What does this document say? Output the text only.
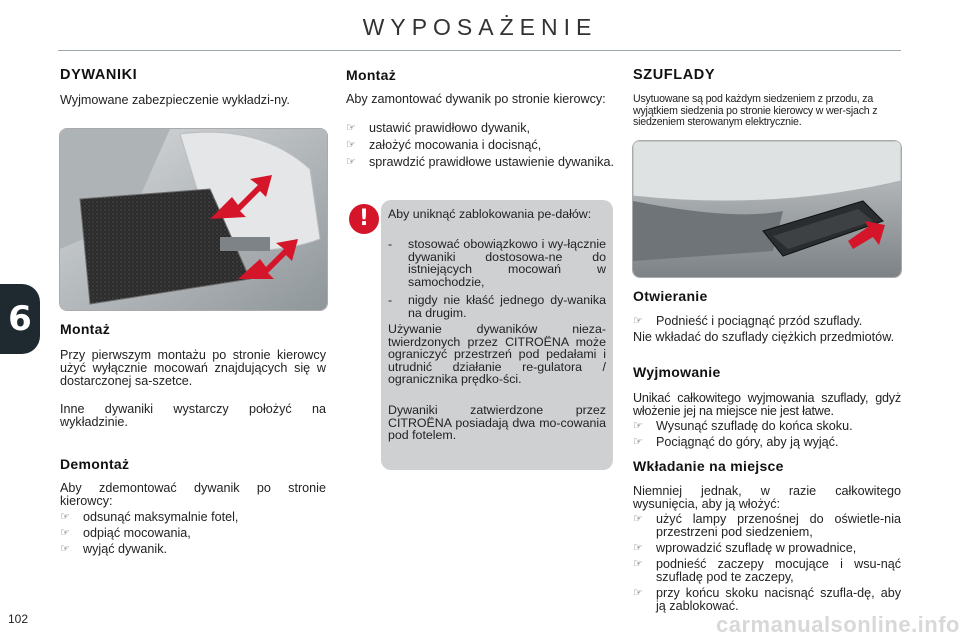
WYPOSAŻENIE
6
DYWANIKI
Wyjmowane zabezpieczenie wykładzi-ny.
Montaż
Przy pierwszym montażu po stronie kierowcy użyć wyłącznie mocowań znajdujących się w dostarczonej sa-szetce.
Inne dywaniki wystarczy położyć na wykładzinie.
Demontaż
Aby zdemontować dywanik po stronie kierowcy:
☞	odsunąć maksymalnie fotel,
☞	odpiąć mocowania,
☞	wyjąć dywanik.
Montaż
Aby zamontować dywanik po stronie kierowcy:
☞	ustawić prawidłowo dywanik,
☞	założyć mocowania i docisnąć,
☞	sprawdzić prawidłowe ustawienie dywanika.
!	Aby uniknąć zablokowania pe-dałów:
-	stosować obowiązkowo i wy-łącznie dywaniki dostosowa-ne do istniejących mocowań w samochodzie,
-	nigdy nie kłaść jednego dy-wanika na drugim.
Używanie dywaników nieza-twierdzonych przez CITROËNA może ograniczyć przestrzeń pod pedałami i utrudnić działanie re-gulatora / ogranicznika prędko-ści.
Dywaniki zatwierdzone przez CITROËNA posiadają dwa mo-cowania pod fotelem.
SZUFLADY
Usytuowane są pod każdym siedzeniem z przodu, za wyjątkiem siedzenia po stronie kierowcy w wer-sjach z siedzeniem sterowanym elektrycznie.
Otwieranie
☞	Podnieść i pociągnąć przód szuflady.
Nie wkładać do szuflady ciężkich przedmiotów.
Wyjmowanie
Unikać całkowitego wyjmowania szuflady, gdyż włożenie jej na miejsce nie jest łatwe.
☞	Wysunąć szufladę do końca skoku.
☞	Pociągnąć do góry, aby ją wyjąć.
Wkładanie na miejsce
Niemniej jednak, w razie całkowitego wysunięcia, aby ją włożyć:
☞	użyć lampy przenośnej do oświetle-nia przestrzeni pod siedzeniem,
☞	wprowadzić szufladę w prowadnice,
☞	podnieść zaczepy mocujące i wsu-nąć szufladę pod te zaczepy,
☞	przy końcu skoku nacisnąć szufla-dę, aby ją zablokować.
102	carmanualsonline.info
